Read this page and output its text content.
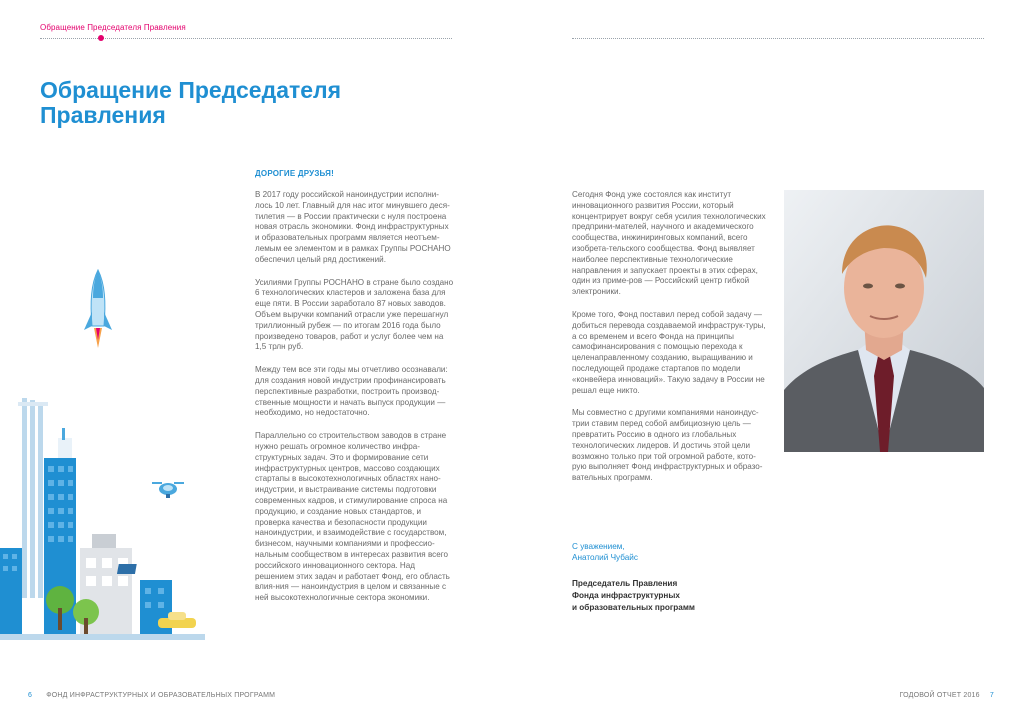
Обращение Председателя Правления
Обращение Председателя
Правления
ДОРОГИЕ ДРУЗЬЯ!

В 2017 году российской наноиндустрии исполни-лось 10 лет. Главный для нас итог минувшего деся-тилетия — в России практически с нуля построена новая отрасль экономики. Фонд инфраструктурных и образовательных программ является неотъем-лемым ее элементом и в рамках Группы РОСНАНО обеспечил целый ряд достижений.

Усилиями Группы РОСНАНО в стране было создано 6 технологических кластеров и заложена база для еще пяти. В России заработало 87 новых заводов. Объем выручки компаний отрасли уже перешагнул триллионный рубеж — по итогам 2016 года было произведено товаров, работ и услуг более чем на 1,5 трлн руб.

Между тем все эти годы мы отчетливо осознавали: для создания новой индустрии профинансировать перспективные разработки, построить производ-ственные мощности и начать выпуск продукции — необходимо, но недостаточно.

Параллельно со строительством заводов в стране нужно решать огромное количество инфра-структурных задач. Это и формирование сети инфраструктурных центров, массово создающих стартапы в высокотехнологичных областях нано-индустрии, и выстраивание системы подготовки современных кадров, и стимулирование спроса на продукцию, и создание новых стандартов, и проверка качества и безопасности продукции наноиндустрии, и взаимодействие с государством, бизнесом, научными компаниями и профессио-нальным сообществом в интересах развития всего российского инновационного сектора. Над решением этих задач и работает Фонд, его область влия-ния — наноиндустрия в целом и связанные с ней высокотехнологичные сектора экономики.

Сегодня Фонд уже состоялся как институт инновационного развития России, который концентрирует вокруг себя усилия технологических предприни-мателей, научного и академического сообщества, инжиниринговых компаний, всего изобрета-тельского сообщества. Фонд выявляет наиболее перспективные технологические направления и запускает проекты в этих сферах, один из приме-ров — Российский центр гибкой электроники.

Кроме того, Фонд поставил перед собой задачу — добиться перевода создаваемой инфраструк-туры, а со временем и всего Фонда на принципы самофинансирования с помощью перехода к целенаправленному созданию, выращиванию и последующей продаже стартапов по модели «конвейера инноваций». Такую задачу в России не решал еще никто.

Мы совместно с другими компаниями наноиндус-трии ставим перед собой амбициозную цель — превратить Россию в одного из глобальных технологических лидеров. И достичь этой цели возможно только при той огромной работе, кото-рую выполняет Фонд инфраструктурных и образо-вательных программ.

С уважением,
Анатолий Чубайс
Председатель Правления
Фонда инфраструктурных
и образовательных программ
6 ФОНД ИНФРАСТРУКТУРНЫХ И ОБРАЗОВАТЕЛЬНЫХ ПРОГРАММ	ГОДОВОЙ ОТЧЕТ 2016 7
